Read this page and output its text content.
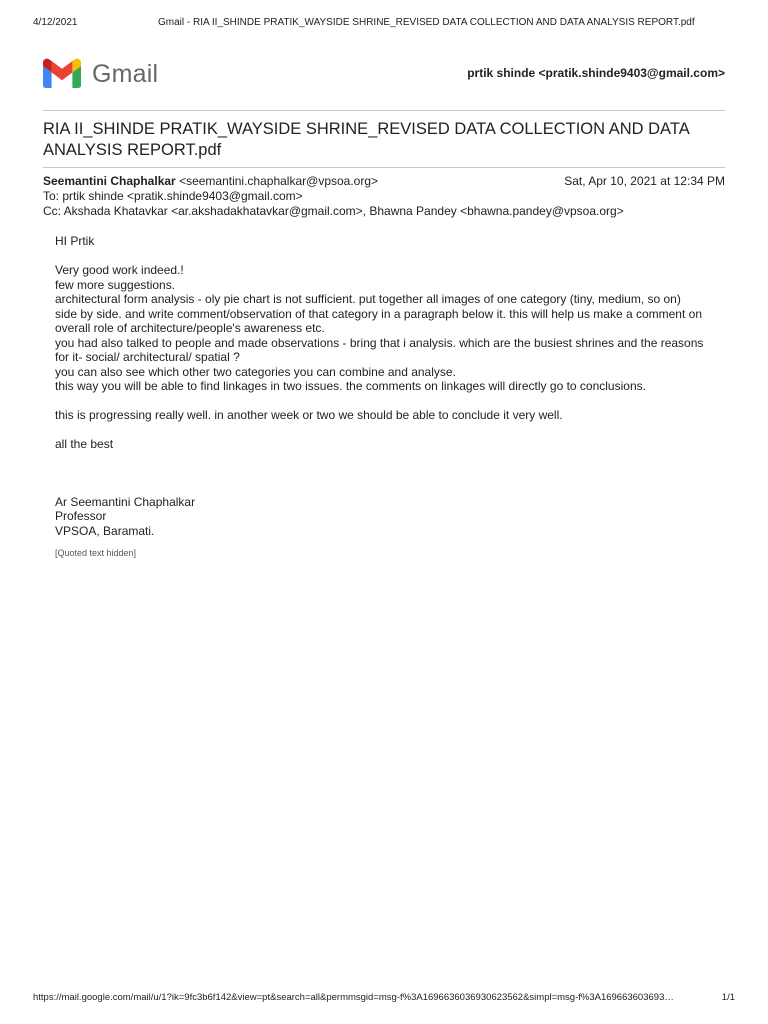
4/12/2021	Gmail - RIA II_SHINDE PRATIK_WAYSIDE SHRINE_REVISED DATA COLLECTION AND DATA ANALYSIS REPORT.pdf
Gmail	prtik shinde <pratik.shinde9403@gmail.com>
RIA II_SHINDE PRATIK_WAYSIDE SHRINE_REVISED DATA COLLECTION AND DATA ANALYSIS REPORT.pdf
Seemantini Chaphalkar <seemantini.chaphalkar@vpsoa.org>	Sat, Apr 10, 2021 at 12:34 PM
To: prtik shinde <pratik.shinde9403@gmail.com>
Cc: Akshada Khatavkar <ar.akshadakhatavkar@gmail.com>, Bhawna Pandey <bhawna.pandey@vpsoa.org>
HI Prtik
Very good work indeed.!
few more suggestions.
architectural form analysis - oly pie chart is not sufficient. put together all images of one category (tiny, medium, so on) side by side. and write comment/observation of that category in a paragraph below it. this will help us make a comment on overall role of architecture/people's awareness etc.
you had also talked to people and made observations - bring that i analysis. which are the busiest shrines and the reasons for it- social/ architectural/ spatial ?
you can also see which other two categories you can combine and analyse.
this way you will be able to find linkages in two issues. the comments on linkages will directly go to conclusions.
this is progressing really well. in another week or two we should be able to conclude it very well.
all the best
Ar Seemantini Chaphalkar
Professor
VPSOA, Baramati.
[Quoted text hidden]
https://mail.google.com/mail/u/1?ik=9fc3b6f142&view=pt&search=all&permmsgid=msg-f%3A1696636036930623562&simpl=msg-f%3A169663603693…	1/1
